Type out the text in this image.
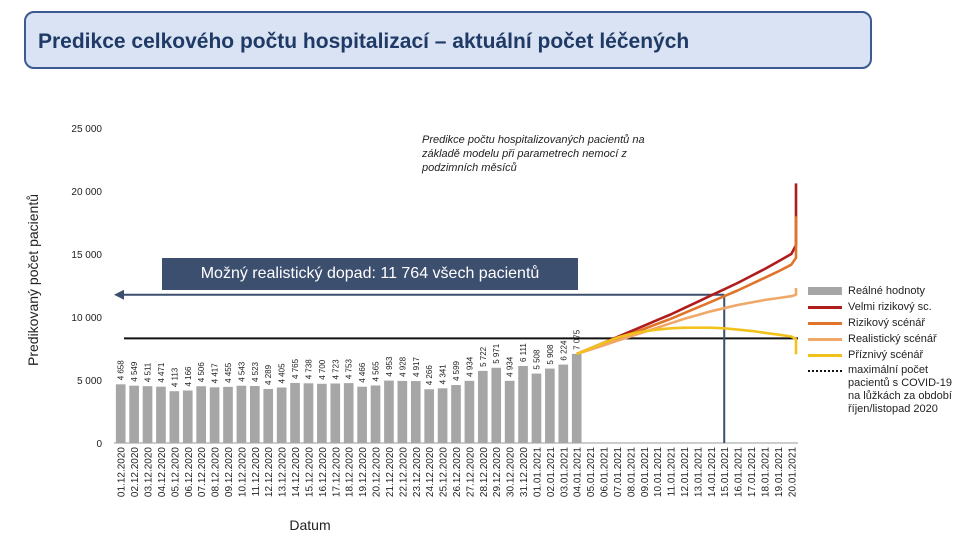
Predikce celkového počtu hospitalizací – aktuální počet léčených
0
5 000
10 000
15 000
20 000
25 000
4 658 4 549 4 511 4 471 4 113 4 166 4 506 4 417 4 455 4 543 4 523 4 289 4 405 4 765 4 738 4 700 4 723 4 753 4 466 4 565 4 953 4 928 4 917 4 266 4 341 4 599 4 934 5 722 5 971
4 934
6 111 5 508 5 908 6 224
7 075
01.12.2020 02.12.2020 03.12.2020 04.12.2020 05.12.2020 06.12.2020 07.12.2020 08.12.2020 09.12.2020 10.12.2020 11.12.2020 12.12.2020 13.12.2020 14.12.2020 15.12.2020 16.12.2020 17.12.2020 18.12.2020 19.12.2020 20.12.2020 21.12.2020 22.12.2020 23.12.2020 24.12.2020 25.12.2020 26.12.2020 27.12.2020 28.12.2020 29.12.2020 30.12.2020 31.12.2020 01.01.2021 02.01.2021 03.01.2021 04.01.2021 05.01.2021 06.01.2021 07.01.2021 08.01.2021 09.01.2021 10.01.2021 11.01.2021 12.01.2021 13.01.2021 14.01.2021 15.01.2021 16.01.2021 17.01.2021 18.01.2021 19.01.2021 20.01.2021
Predikovaný počet pacientů
Datum
Predikce počtu hospitalizovaných pacientů na základě modelu při parametrech nemocí z podzimních měsíců
Možný realistický dopad: 11 764 všech pacientů
Reálné hodnoty
Velmi rizikový sc.
Rizikový scénář
Realistický scénář
Příznivý scénář
maximální počet pacientů s COVID-19 na lůžkách za období říjen/listopad 2020
